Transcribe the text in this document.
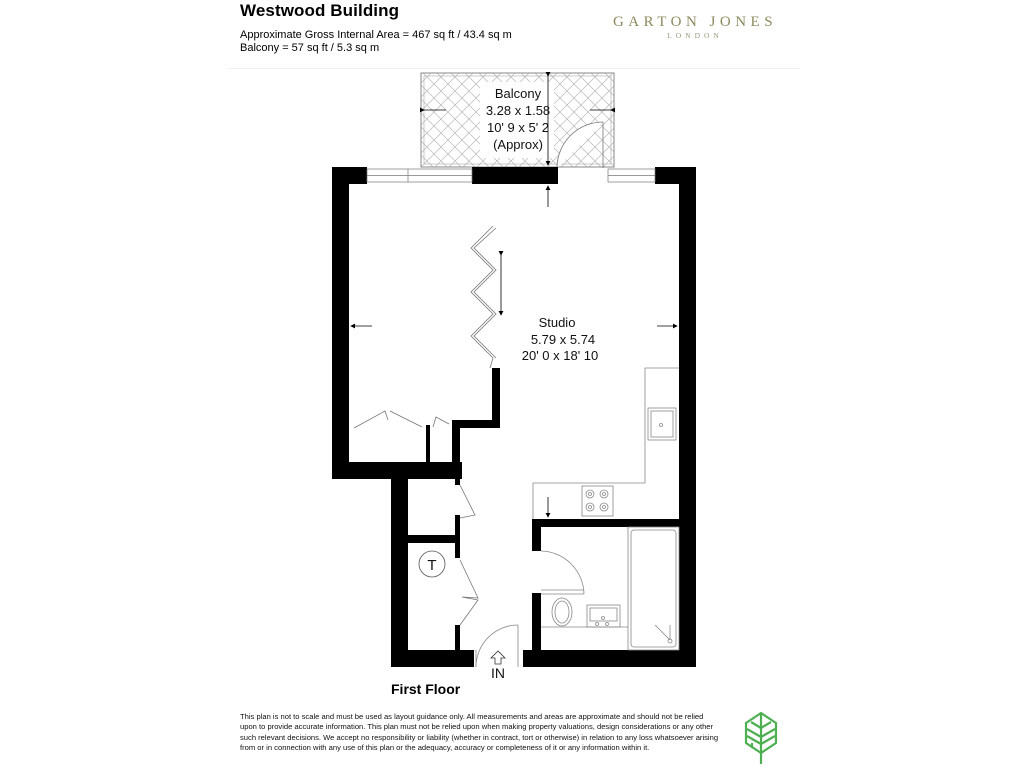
Westwood Building
Approximate Gross Internal Area = 467 sq ft / 43.4 sq m
Balcony = 57 sq ft / 5.3 sq m
GARTON JONES
LONDON
Balcony
3.28 x 1.58
10' 9 x 5' 2
(Approx)
T
IN
Studio
5.79 x 5.74
20' 0 x 18' 10
First Floor
This plan is not to scale and must be used as layout guidance only. All measurements and areas are approximate and should not be relied upon to provide accurate information. This plan must not be relied upon when making property valuations, design considerations or any other such relevant decisions. We accept no responsibility or liability (whether in contract, tort or otherwise) in relation to any loss whatsoever arising from or in connection with any use of this plan or the adequacy, accuracy or completeness of it or any information within it.
